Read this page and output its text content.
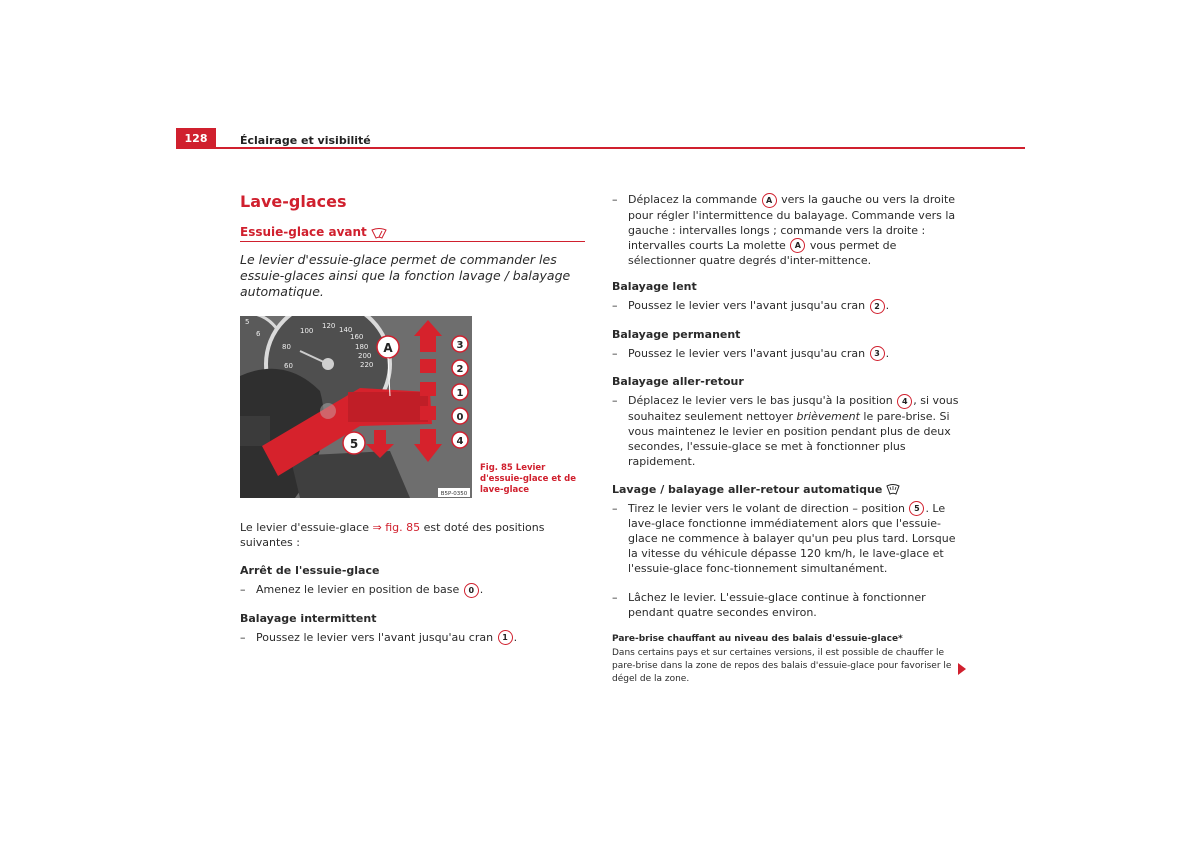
128	Éclairage et visibilité
Lave-glaces
Essuie-glace avant

Le levier d'essuie-glace permet de commander les essuie-glaces ainsi que la fonction lavage / balayage automatique.

100
120 140
160
180
200
220
80
60
6
5
A
5
3
2
1
0
4
B5P-0350
Fig. 85 Levier d'essuie-glace et de lave-glace

Le levier d'essuie-glace ⇒ fig. 85 est doté des positions suivantes :

Arrêt de l'essuie-glace
– Amenez le levier en position de base 0 .
Balayage intermittent
– Poussez le levier vers l'avant jusqu'au cran 1 .
– Déplacez la commande A vers la gauche ou vers la droite pour régler l'intermittence du balayage. Commande vers la gauche : intervalles longs ; commande vers la droite : intervalles courts La molette A vous permet de sélectionner quatre degrés d'inter-mittence.
Balayage lent
– Poussez le levier vers l'avant jusqu'au cran 2 .
Balayage permanent
– Poussez le levier vers l'avant jusqu'au cran 3 .
Balayage aller-retour
– Déplacez le levier vers le bas jusqu'à la position 4 , si vous souhaitez seulement nettoyer brièvement le pare-brise. Si vous maintenez le levier en position pendant plus de deux secondes, l'essuie-glace se met à fonctionner plus rapidement.
Lavage / balayage aller-retour automatique
– Tirez le levier vers le volant de direction – position 5 . Le lave-glace fonctionne immédiatement alors que l'essuie-glace ne commence à balayer qu'un peu plus tard. Lorsque la vitesse du véhicule dépasse 120 km/h, le lave-glace et l'essuie-glace fonc-tionnement simultanément.
– Lâchez le levier. L'essuie-glace continue à fonctionner pendant quatre secondes environ.
Pare-brise chauffant au niveau des balais d'essuie-glace*
Dans certains pays et sur certaines versions, il est possible de chauffer le pare-brise dans la zone de repos des balais d'essuie-glace pour favoriser le dégel de la zone.
